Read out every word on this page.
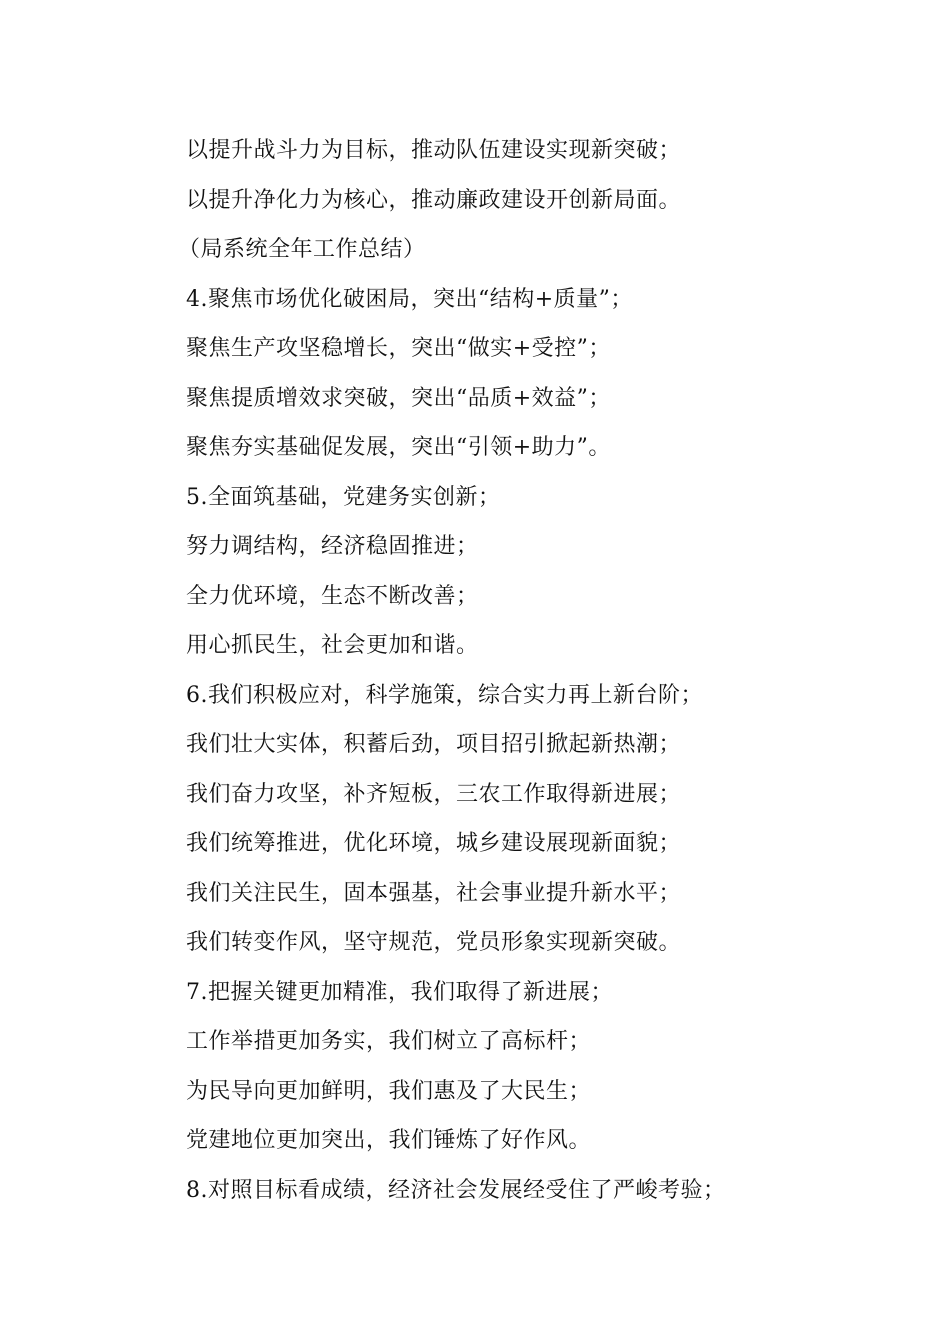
以提升战斗力为目标，推动队伍建设实现新突破；
以提升净化力为核心，推动廉政建设开创新局面。
（局系统全年工作总结）
4.聚焦市场优化破困局，突出“结构+质量”；
聚焦生产攻坚稳增长，突出“做实+受控”；
聚焦提质增效求突破，突出“品质+效益”；
聚焦夯实基础促发展，突出“引领+助力”。
5.全面筑基础，党建务实创新；
努力调结构，经济稳固推进；
全力优环境，生态不断改善；
用心抓民生，社会更加和谐。
6.我们积极应对，科学施策，综合实力再上新台阶；
我们壮大实体，积蓄后劲，项目招引掀起新热潮；
我们奋力攻坚，补齐短板，三农工作取得新进展；
我们统筹推进，优化环境，城乡建设展现新面貌；
我们关注民生，固本强基，社会事业提升新水平；
我们转变作风，坚守规范，党员形象实现新突破。
7.把握关键更加精准，我们取得了新进展；
工作举措更加务实，我们树立了高标杆；
为民导向更加鲜明，我们惠及了大民生；
党建地位更加突出，我们锤炼了好作风。
8.对照目标看成绩，经济社会发展经受住了严峻考验；
